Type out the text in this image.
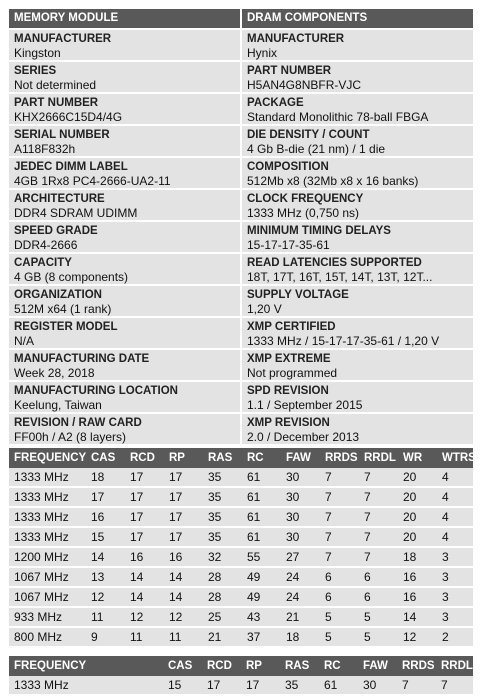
MEMORY MODULE
MANUFACTURER
Kingston
SERIES
Not determined
PART NUMBER
KHX2666C15D4/4G
SERIAL NUMBER
A118F832h
JEDEC DIMM LABEL
4GB 1Rx8 PC4-2666-UA2-11
ARCHITECTURE
DDR4 SDRAM UDIMM
SPEED GRADE
DDR4-2666
CAPACITY
4 GB (8 components)
ORGANIZATION
512M x64 (1 rank)
REGISTER MODEL
N/A
MANUFACTURING DATE
Week 28, 2018
MANUFACTURING LOCATION
Keelung, Taiwan
REVISION / RAW CARD
FF00h / A2 (8 layers)
DRAM COMPONENTS
MANUFACTURER
Hynix
PART NUMBER
H5AN4G8NBFR-VJC
PACKAGE
Standard Monolithic 78-ball FBGA
DIE DENSITY / COUNT
4 Gb B-die (21 nm) / 1 die
COMPOSITION
512Mb x8 (32Mb x8 x 16 banks)
CLOCK FREQUENCY
1333 MHz (0,750 ns)
MINIMUM TIMING DELAYS
15-17-17-35-61
READ LATENCIES SUPPORTED
18T, 17T, 16T, 15T, 14T, 13T, 12T...
SUPPLY VOLTAGE
1,20 V
XMP CERTIFIED
1333 MHz / 15-17-17-35-61 / 1,20 V
XMP EXTREME
Not programmed
SPD REVISION
1.1 / September 2015
XMP REVISION
2.0 / December 2013
FREQUENCY	CAS	RCD	RP	RAS	RC	FAW	RRDS	RRDL	WR	WTRS
1333 MHz	18	17	17	35	61	30	7	7	20	4
1333 MHz	17	17	17	35	61	30	7	7	20	4
1333 MHz	16	17	17	35	61	30	7	7	20	4
1333 MHz	15	17	17	35	61	30	7	7	20	4
1200 MHz	14	16	16	32	55	27	7	7	18	3
1067 MHz	13	14	14	28	49	24	6	6	16	3
1067 MHz	12	14	14	28	49	24	6	6	16	3
933 MHz	11	12	12	25	43	21	5	5	14	3
800 MHz	9	11	11	21	37	18	5	5	12	2
FREQUENCY	CAS	RCD	RP	RAS	RC	FAW	RRDS	RRDL
1333 MHz	15	17	17	35	61	30	7	7
